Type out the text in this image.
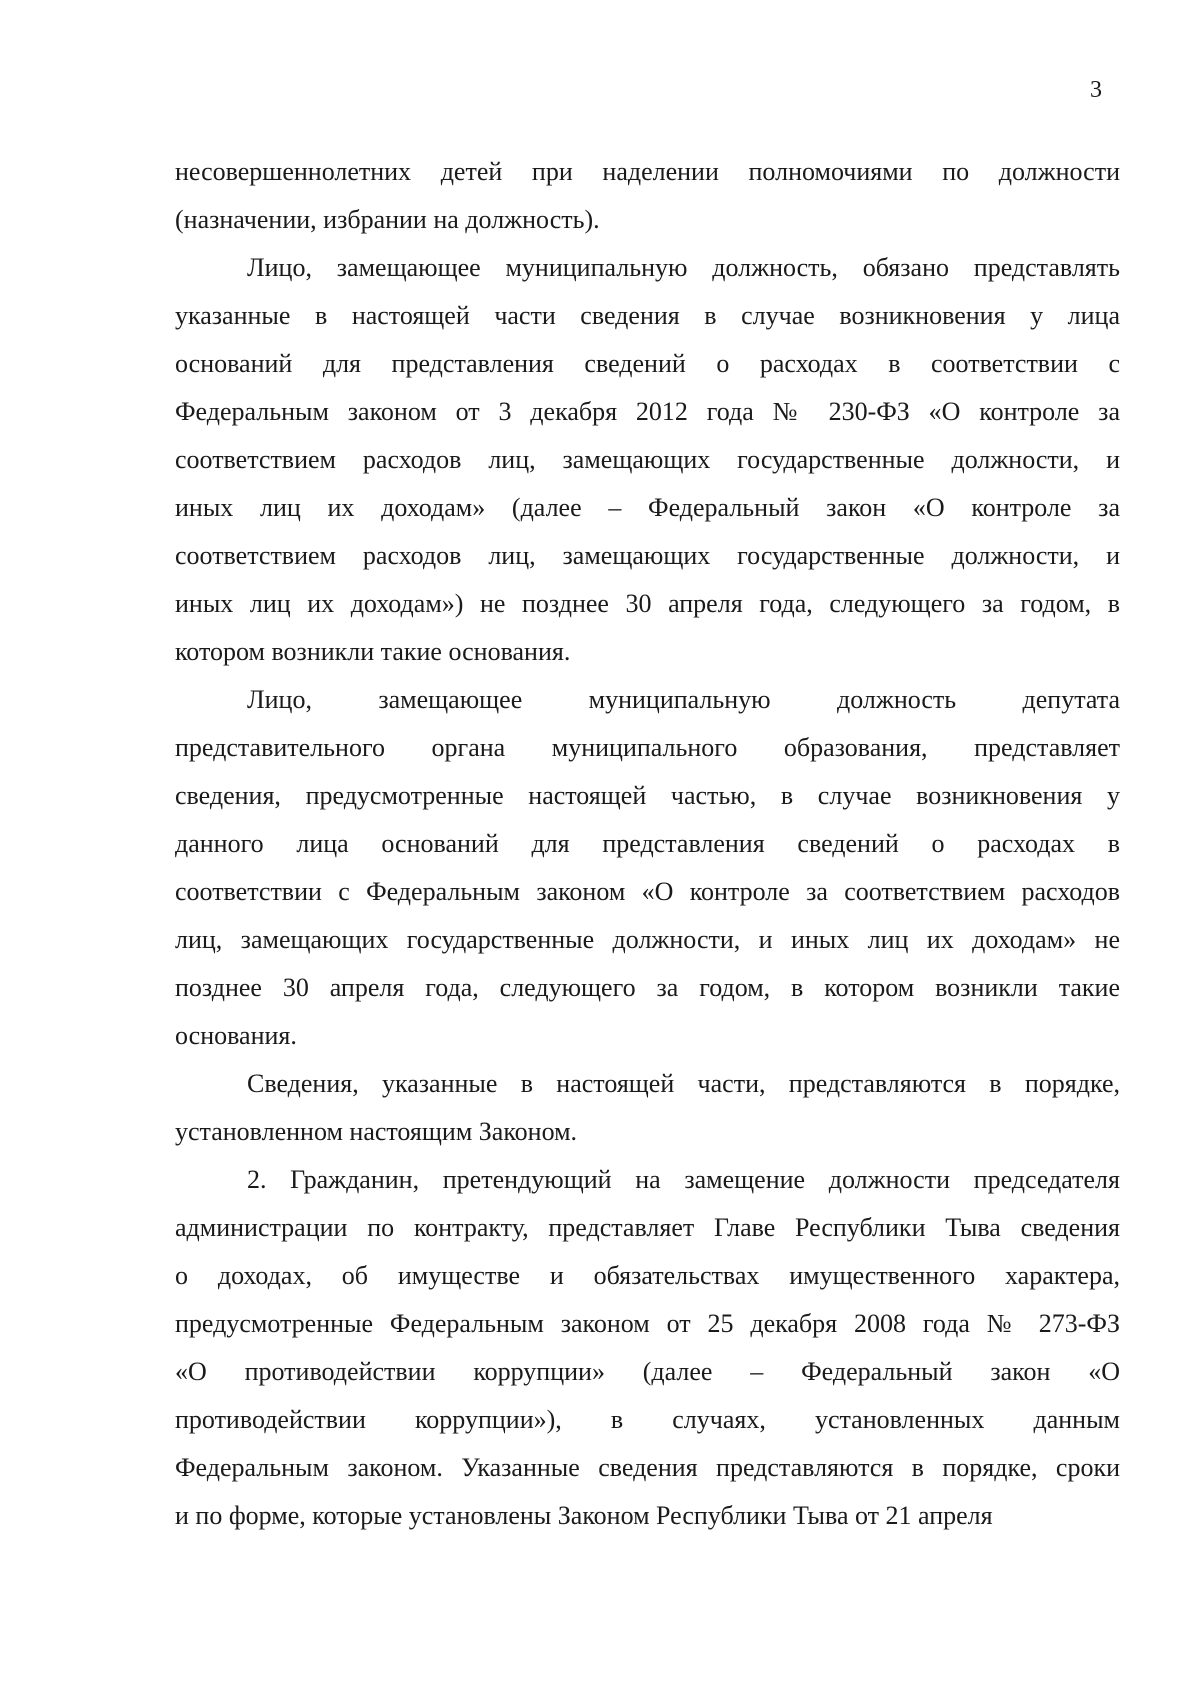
3
несовершеннолетних детей при наделении полномочиями по должности
(назначении, избрании на должность).
Лицо, замещающее муниципальную должность, обязано представлять
указанные в настоящей части сведения в случае возникновения у лица
оснований для представления сведений о расходах в соответствии с
Федеральным законом от 3 декабря 2012 года № 230-ФЗ «О контроле за
соответствием расходов лиц, замещающих государственные должности, и
иных лиц их доходам» (далее – Федеральный закон «О контроле за
соответствием расходов лиц, замещающих государственные должности, и
иных лиц их доходам») не позднее 30 апреля года, следующего за годом, в
котором возникли такие основания.
Лицо, замещающее муниципальную должность депутата
представительного органа муниципального образования, представляет
сведения, предусмотренные настоящей частью, в случае возникновения у
данного лица оснований для представления сведений о расходах в
соответствии с Федеральным законом «О контроле за соответствием расходов
лиц, замещающих государственные должности, и иных лиц их доходам» не
позднее 30 апреля года, следующего за годом, в котором возникли такие
основания.
Сведения, указанные в настоящей части, представляются в порядке,
установленном настоящим Законом.
2. Гражданин, претендующий на замещение должности председателя
администрации по контракту, представляет Главе Республики Тыва сведения
о доходах, об имуществе и обязательствах имущественного характера,
предусмотренные Федеральным законом от 25 декабря 2008 года № 273-ФЗ
«О противодействии коррупции» (далее – Федеральный закон «О
противодействии коррупции»), в случаях, установленных данным
Федеральным законом. Указанные сведения представляются в порядке, сроки
и по форме, которые установлены Законом Республики Тыва от 21 апреля
